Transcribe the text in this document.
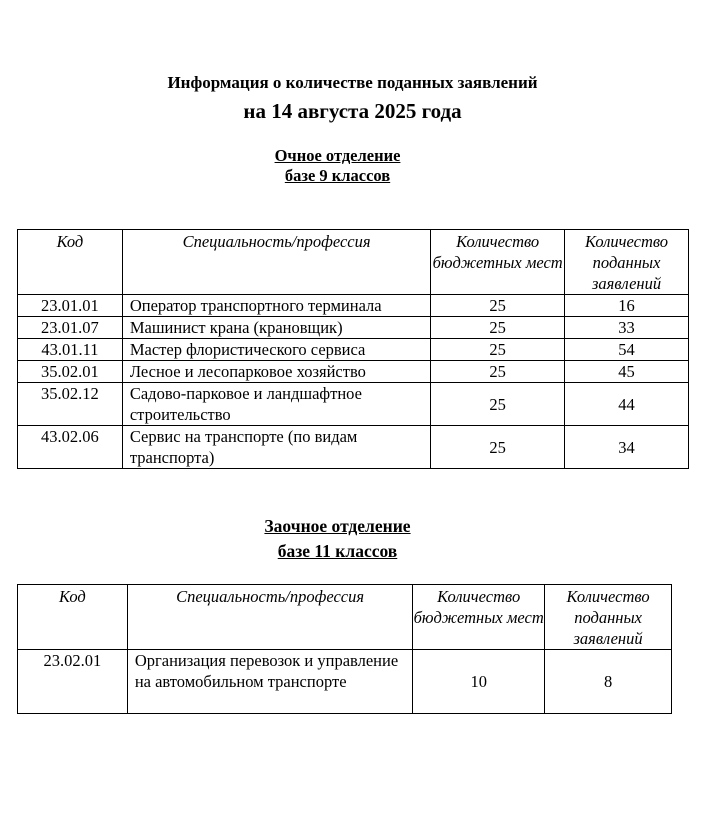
Информация о количестве поданных заявлений
на 14 августа 2025 года
Очное отделение
базе 9 классов
Код	Специальность/профессия	Количество бюджетных мест	Количество поданных заявлений
23.01.01	Оператор транспортного терминала	25	16
23.01.07	Машинист крана (крановщик)	25	33
43.01.11	Мастер флористического сервиса	25	54
35.02.01	Лесное и лесопарковое хозяйство	25	45
35.02.12	Садово-парковое и ландшафтное строительство	25	44
43.02.06	Сервис на транспорте (по видам транспорта)	25	34
Заочное отделение
базе 11 классов
Код	Специальность/профессия	Количество бюджетных мест	Количество поданных заявлений
23.02.01	Организация перевозок и управление на автомобильном транспорте	10	8
